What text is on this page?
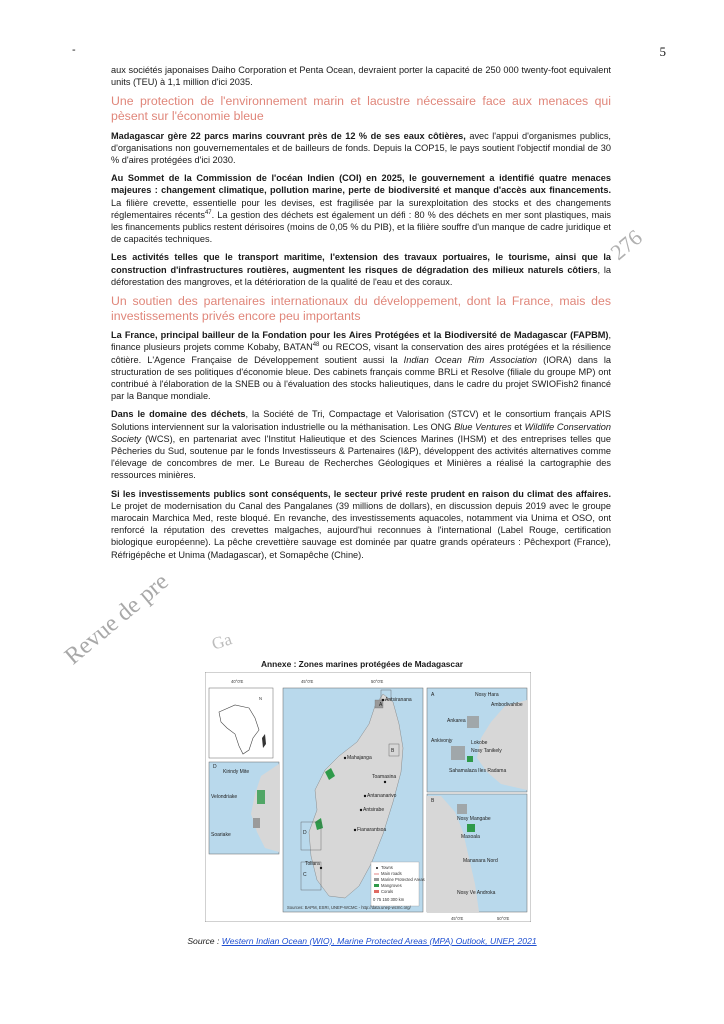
-	5

aux sociétés japonaises Daiho Corporation et Penta Ocean, devraient porter la capacité de 250 000 twenty-foot equivalent units (TEU) à 1,1 million d'ici 2035.

Une protection de l'environnement marin et lacustre nécessaire face aux menaces qui pèsent sur l'économie bleue

Madagascar gère 22 parcs marins couvrant près de 12 % de ses eaux côtières, avec l'appui d'organismes publics, d'organisations non gouvernementales et de bailleurs de fonds. Depuis la COP15, le pays soutient l'objectif mondial de 30 % d'aires protégées d'ici 2030.

Au Sommet de la Commission de l'océan Indien (COI) en 2025, le gouvernement a identifié quatre menaces majeures : changement climatique, pollution marine, perte de biodiversité et manque d'accès aux financements. La filière crevette, essentielle pour les devises, est fragilisée par la surexploitation des stocks et des changements réglementaires récents$^{47}$. La gestion des déchets est également un défi : 80 % des déchets en mer sont plastiques, mais les financements publics restent dérisoires (moins de 0,05 % du PIB), et la filière souffre d'un manque de cadre juridique et de capacités techniques.

Les activités telles que le transport maritime, l'extension des travaux portuaires, le tourisme, ainsi que la construction d'infrastructures routières, augmentent les risques de dégradation des milieux naturels côtiers, la déforestation des mangroves, et la détérioration de la qualité de l'eau et des coraux.

Un soutien des partenaires internationaux du développement, dont la France, mais des investissements privés encore peu importants

La France, principal bailleur de la Fondation pour les Aires Protégées et la Biodiversité de Madagascar (FAPBM), finance plusieurs projets comme Kobaby, BATAN$^{48}$ ou RECOS, visant la conservation des aires protégées et la résilience côtière. L'Agence Française de Développement soutient aussi la Indian Ocean Rim Association (IORA) dans la structuration de ses politiques d'économie bleue. Des cabinets français comme BRLi et Resolve (filiale du groupe MP) ont contribué à l'élaboration de la SNEB ou à l'évaluation des stocks halieutiques, dans le cadre du projet SWIOFish2 financé par la Banque mondiale.

Dans le domaine des déchets, la Société de Tri, Compactage et Valorisation (STCV) et le consortium français APIS Solutions interviennent sur la valorisation industrielle ou la méthanisation. Les ONG Blue Ventures et Wildlife Conservation Society (WCS), en partenariat avec l'Institut Halieutique et des Sciences Marines (IHSM) et des entreprises telles que Pêcheries du Sud, soutenue par le fonds Investisseurs & Partenaires (I&P), développent des activités alternatives comme l'élevage de concombres de mer. Le Bureau de Recherches Géologiques et Minières a réalisé la cartographie des ressources minières.

Si les investissements publics sont conséquents, le secteur privé reste prudent en raison du climat des affaires. Le projet de modernisation du Canal des Pangalanes (39 millions de dollars), en discussion depuis 2019 avec le groupe marocain Marchica Med, reste bloqué. En revanche, des investissements aquacoles, notamment via Unima et OSO, ont renforcé la réputation des crevettes malgaches, aujourd'hui reconnues à l'international (Label Rouge, certification biologique européenne). La pêche crevettière sauvage est dominée par quatre grands opérateurs : Pêchexport (France), Réfrigépêche et Unima (Madagascar), et Somapêche (Chine).

Ga
276
Annexe : Zones marines protégées de Madagascar
N
D
Kirindy Mite
Velondriake
Soariake	D
C
A
B
Antsiranana
Mahajanga
Toamasina
Antananarivo
Antsirabe
Fianarantsoa
Toliara
Towns
Main roads
Marine Protected Areas
Mangroves
Corals
0 75 150 300 km
Sources: BAPM, ESRI, UNEP-WCMC - http://data.unep-wcmc.org/
A	Nosy Hara
Ambodivahibe
Ankarea
Ankivonjy	Lokobe
Nosy Tanikely
Sahamalaza Iles Radama
B
Nosy Mangabe
Masoala
Mananara Nord
Nosy Ve Androka
40°0'E	45°0'E	50°0'E
45°0'E	50°0'E
Source : Western Indian Ocean (WIO), Marine Protected Areas (MPA) Outlook, UNEP, 2021
Revue de pre
